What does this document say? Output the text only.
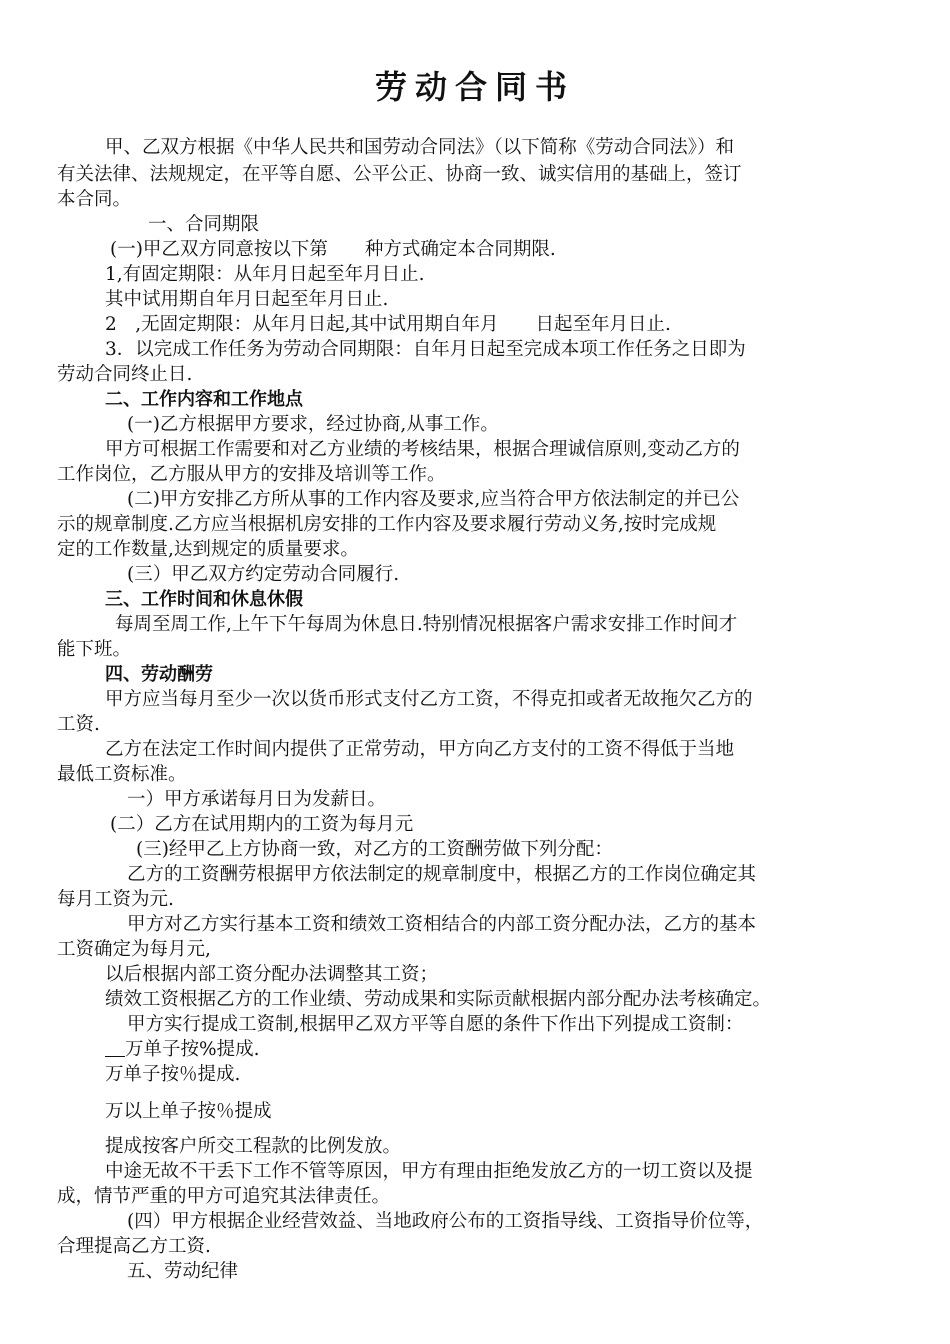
劳动合同书
甲、乙双方根据《中华人民共和国劳动合同法》（以下简称《劳动合同法》）和
有关法律、法规规定，在平等自愿、公平公正、协商一致、诚实信用的基础上，签订
本合同。
一、合同期限
(一)甲乙双方同意按以下第　　种方式确定本合同期限.
1,有固定期限：从年月日起至年月日止.
其中试用期自年月日起至年月日止.
2　,无固定期限：从年月日起,其中试用期自年月　　日起至年月日止.
3．以完成工作任务为劳动合同期限：自年月日起至完成本项工作任务之日即为
劳动合同终止日.
二、工作内容和工作地点
(一)乙方根据甲方要求，经过协商,从事工作。
甲方可根据工作需要和对乙方业绩的考核结果，根据合理诚信原则,变动乙方的
工作岗位，乙方服从甲方的安排及培训等工作。
(二)甲方安排乙方所从事的工作内容及要求,应当符合甲方依法制定的并已公
示的规章制度.乙方应当根据机房安排的工作内容及要求履行劳动义务,按时完成规
定的工作数量,达到规定的质量要求。
(三）甲乙双方约定劳动合同履行.
三、工作时间和休息休假
每周至周工作,上午下午每周为休息日.特别情况根据客户需求安排工作时间才
能下班。
四、劳动酬劳
甲方应当每月至少一次以货币形式支付乙方工资，不得克扣或者无故拖欠乙方的
工资.
乙方在法定工作时间内提供了正常劳动，甲方向乙方支付的工资不得低于当地
最低工资标准。
一）甲方承诺每月日为发薪日。
(二）乙方在试用期内的工资为每月元
(三)经甲乙上方协商一致，对乙方的工资酬劳做下列分配：
乙方的工资酬劳根据甲方依法制定的规章制度中，根据乙方的工作岗位确定其
每月工资为元.
甲方对乙方实行基本工资和绩效工资相结合的内部工资分配办法，乙方的基本
工资确定为每月元,
以后根据内部工资分配办法调整其工资；
绩效工资根据乙方的工作业绩、劳动成果和实际贡献根据内部分配办法考核确定。
甲方实行提成工资制,根据甲乙双方平等自愿的条件下作出下列提成工资制：
万单子按%提成.
万单子按％提成.
万以上单子按％提成
提成按客户所交工程款的比例发放。
中途无故不干丢下工作不管等原因，甲方有理由拒绝发放乙方的一切工资以及提
成，情节严重的甲方可追究其法律责任。
(四）甲方根据企业经营效益、当地政府公布的工资指导线、工资指导价位等，
合理提高乙方工资.
五、劳动纪律
